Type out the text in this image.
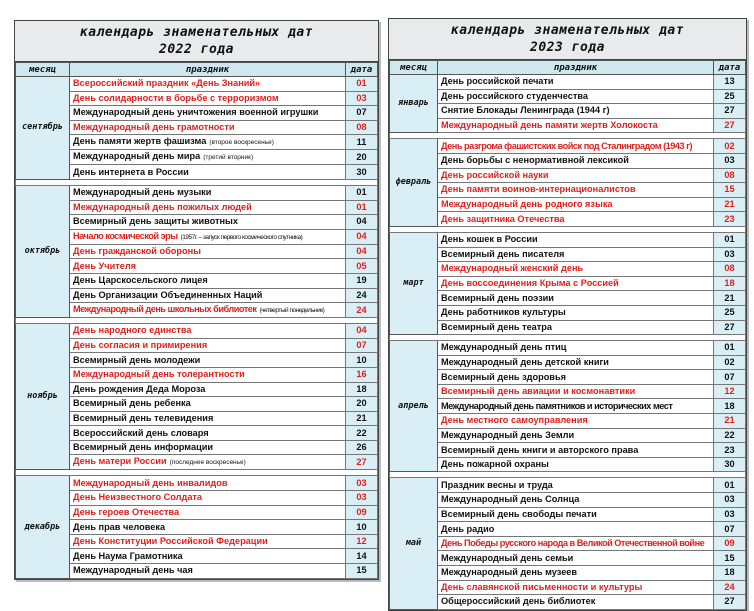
календарь знаменательных дат
2022 года
месяц	праздник	дата
сентябрь	Всероссийский праздник «День Знаний»	01
	День солидарности в борьбе с терроризмом	03
	Международный день уничтожения военной игрушки	07
	Международный день грамотности	08
	День памяти жертв фашизма (второе воскресенье)	11
	Международный день мира (третий вторник)	20
	День интернета в России	30

октябрь	Международный день музыки	01
	Международный день пожилых людей	01
	Всемирный день защиты животных	04
	Начало космической эры (1957г. – запуск первого космического спутника)	04
	День гражданской обороны	04
	День Учителя	05
	День Царскосельского лицея	19
	День Организации Объединенных Наций	24
	Международный день школьных библиотек (четвертый понедельник)	24

ноябрь	День народного единства	04
	День согласия и примирения	07
	Всемирный день молодежи	10
	Международный день толерантности	16
	День рождения Деда Мороза	18
	Всемирный день ребенка	20
	Всемирный день телевидения	21
	Всероссийский день словаря	22
	Всемирный день информации	26
	День матери России (последнее воскресенье)	27

декабрь	Международный день инвалидов	03
	День Неизвестного Солдата	03
	День героев Отечества	09
	День прав человека	10
	День Конституции Российской Федерации	12
	День Наума Грамотника	14
	Международный день чая	15
календарь знаменательных дат
2023 года
месяц	праздник	дата
январь	День российской печати	13
	День российского студенчества	25
	Снятие Блокады Ленинграда (1944 г)	27
	Международный день памяти жертв Холокоста	27

февраль	День разгрома фашистских войск под Сталинградом (1943 г)	02
	День борьбы с ненормативной лексикой	03
	День российской науки	08
	День памяти воинов-интернационалистов	15
	Международный день родного языка	21
	День защитника Отечества	23

март	День кошек в России	01
	Всемирный день писателя	03
	Международный женский день	08
	День воссоединения Крыма с Россией	18
	Всемирный день поэзии	21
	День работников культуры	25
	Всемирный день театра	27

апрель	Международный день птиц	01
	Международный день детской книги	02
	Всемирный день здоровья	07
	Всемирный день авиации и космонавтики	12
	Международный день памятников и исторических мест	18
	День местного самоуправления	21
	Международный день Земли	22
	Всемирный день книги и авторского права	23
	День пожарной охраны	30

май	Праздник весны и труда	01
	Международный день Солнца	03
	Всемирный день свободы печати	03
	День радио	07
	День Победы русского народа в Великой Отечественной войне	09
	Международный день семьи	15
	Международный день музеев	18
	День славянской письменности и культуры	24
	Общероссийский день библиотек	27
